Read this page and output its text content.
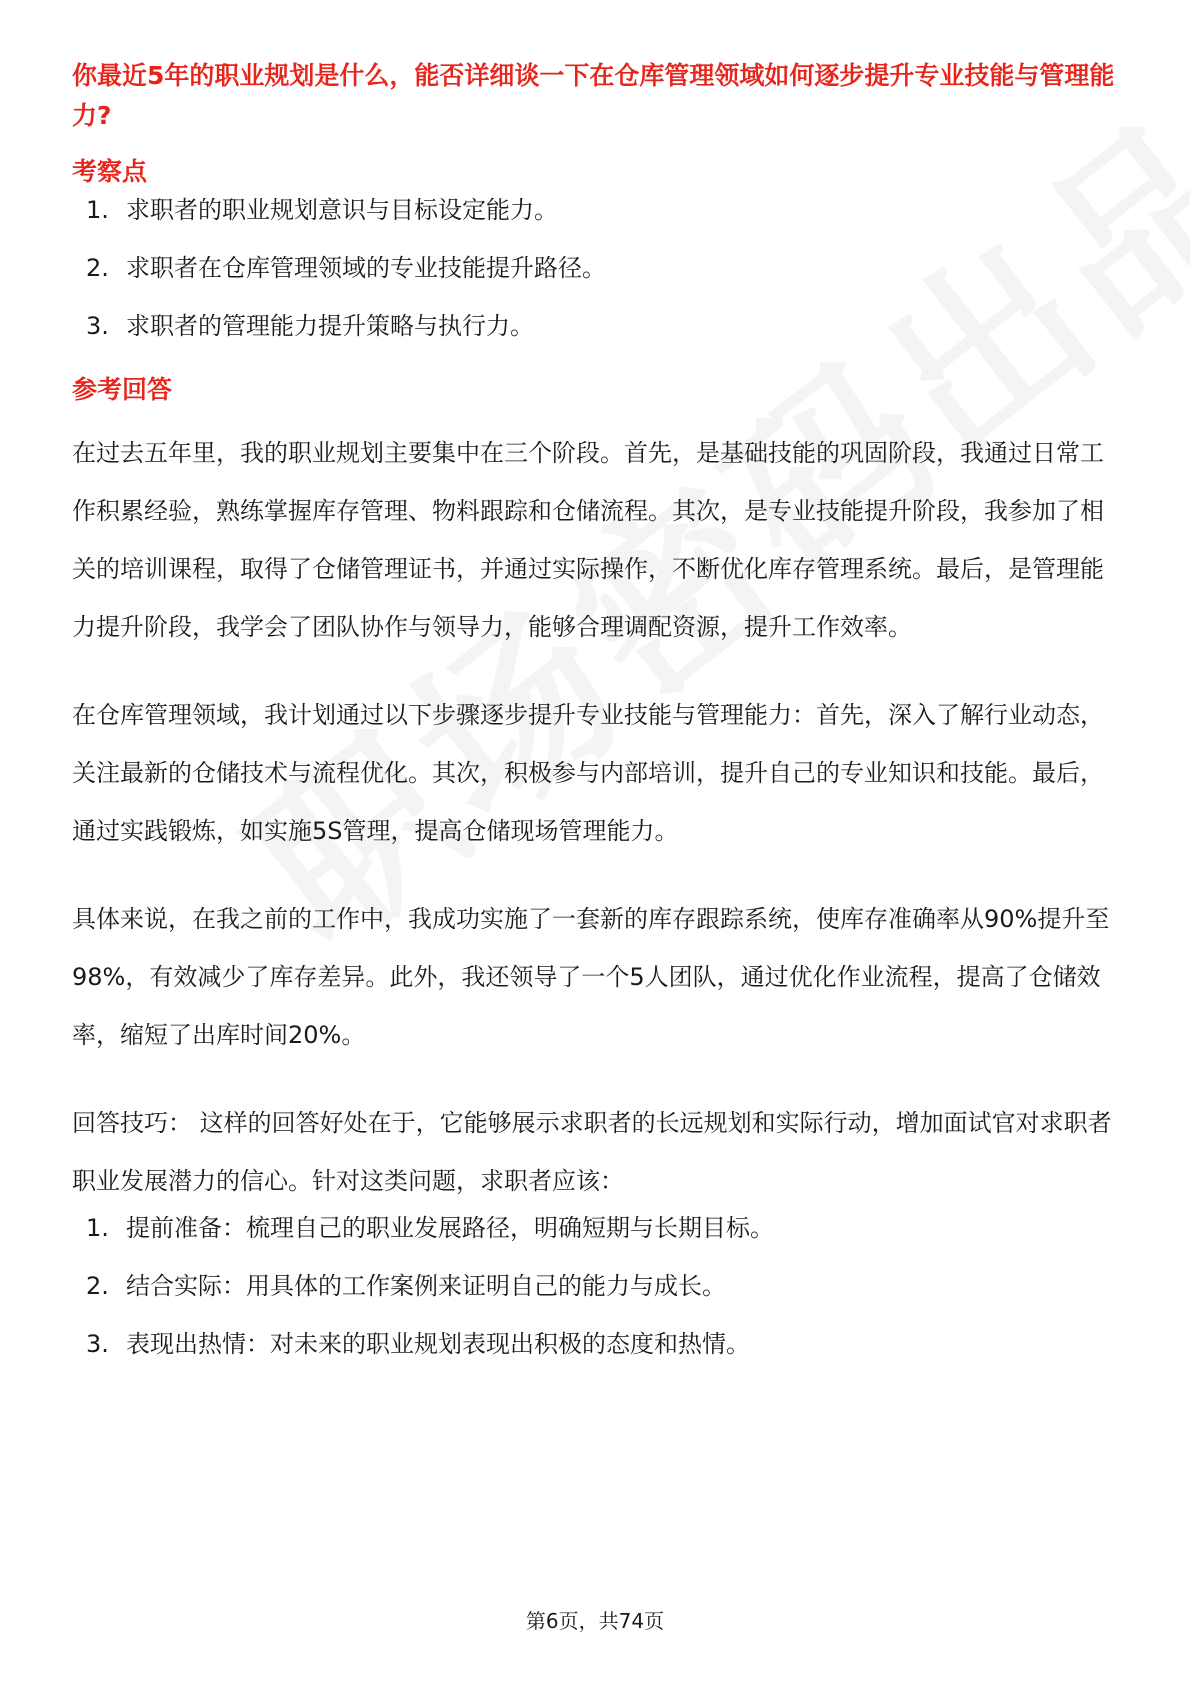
你最近5年的职业规划是什么，能否详细谈一下在仓库管理领域如何逐步提升专业技能与管理能力?

考察点

1. 求职者的职业规划意识与目标设定能力。
2. 求职者在仓库管理领域的专业技能提升路径。
3. 求职者的管理能力提升策略与执行力。

参考回答

在过去五年里，我的职业规划主要集中在三个阶段。首先，是基础技能的巩固阶段，我通过日常工作积累经验，熟练掌握库存管理、物料跟踪和仓储流程。其次，是专业技能提升阶段，我参加了相关的培训课程，取得了仓储管理证书，并通过实际操作，不断优化库存管理系统。最后，是管理能力提升阶段，我学会了团队协作与领导力，能够合理调配资源，提升工作效率。

在仓库管理领域，我计划通过以下步骤逐步提升专业技能与管理能力：首先，深入了解行业动态，关注最新的仓储技术与流程优化。其次，积极参与内部培训，提升自己的专业知识和技能。最后，通过实践锻炼，如实施5S管理，提高仓储现场管理能力。

具体来说，在我之前的工作中，我成功实施了一套新的库存跟踪系统，使库存准确率从90%提升至98%，有效减少了库存差异。此外，我还领导了一个5人团队，通过优化作业流程，提高了仓储效率，缩短了出库时间20%。

回答技巧： 这样的回答好处在于，它能够展示求职者的长远规划和实际行动，增加面试官对求职者职业发展潜力的信心。针对这类问题，求职者应该：

1. 提前准备：梳理自己的职业发展路径，明确短期与长期目标。
2. 结合实际：用具体的工作案例来证明自己的能力与成长。
3. 表现出热情：对未来的职业规划表现出积极的态度和热情。
第6页，共74页
